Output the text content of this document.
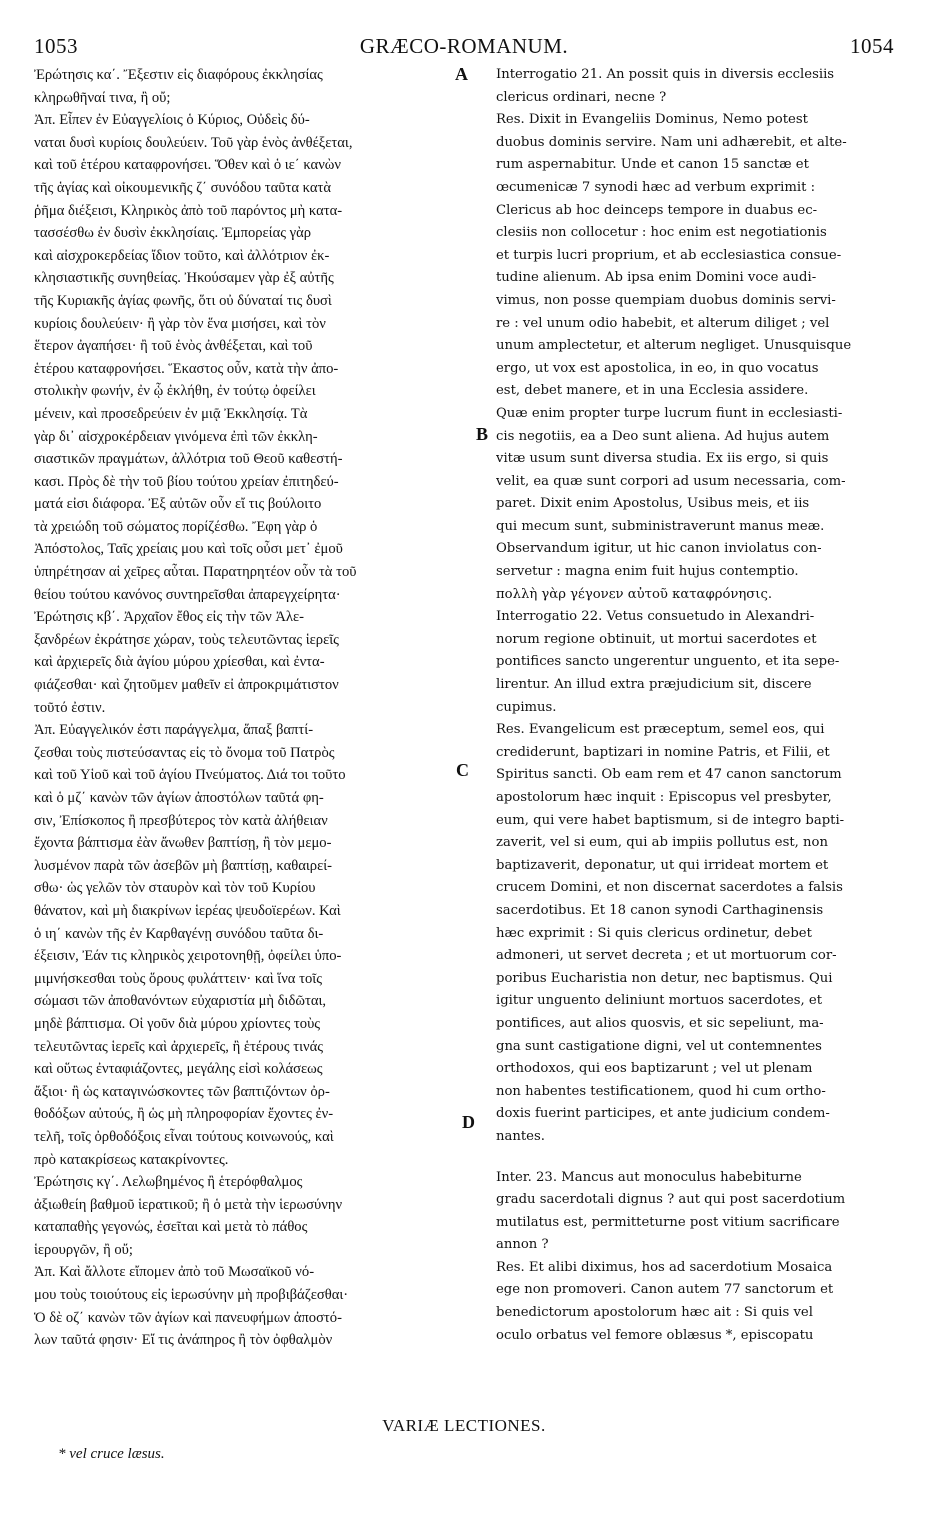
1053	GRÆCO-ROMANUM.	1054
Ἐρώτησις κα΄. Ἔξεστιν εἰς διαφόρους ἐκκλησίας
κληρωθῆναί τινα, ἢ οὔ;
Ἀπ. Εἶπεν ἐν Εὐαγγελίοις ὁ Κύριος, Οὐδεὶς δύ-
ναται δυσὶ κυρίοις δουλεύειν. Τοῦ γὰρ ἑνὸς ἀνθέξεται,
καὶ τοῦ ἑτέρου καταφρονήσει. Ὅθεν καὶ ὁ ιε΄ κανὼν
τῆς ἁγίας καὶ οἰκουμενικῆς ζ΄ συνόδου ταῦτα κατὰ
ῥῆμα διέξεισι, Κληρικὸς ἀπὸ τοῦ παρόντος μὴ κατα-
τασσέσθω ἐν δυσὶν ἐκκλησίαις. Ἐμπορείας γὰρ
καὶ αἰσχροκερδείας ἴδιον τοῦτο, καὶ ἀλλότριον ἐκ-
κλησιαστικῆς συνηθείας. Ἠκούσαμεν γὰρ ἐξ αὐτῆς
τῆς Κυριακῆς ἁγίας φωνῆς, ὅτι οὐ δύναταί τις δυσὶ
κυρίοις δουλεύειν· ἢ γὰρ τὸν ἕνα μισήσει, καὶ τὸν
ἕτερον ἀγαπήσει· ἢ τοῦ ἑνὸς ἀνθέξεται, καὶ τοῦ
ἑτέρου καταφρονήσει. Ἕκαστος οὖν, κατὰ τὴν ἀπο-
στολικὴν φωνήν, ἐν ᾧ ἐκλήθη, ἐν τούτῳ ὀφείλει
μένειν, καὶ προσεδρεύειν ἐν μιᾷ Ἐκκλησίᾳ. Τὰ
γὰρ δι᾿ αἰσχροκέρδειαν γινόμενα ἐπὶ τῶν ἐκκλη-
σιαστικῶν πραγμάτων, ἀλλότρια τοῦ Θεοῦ καθεστή-
κασι. Πρὸς δὲ τὴν τοῦ βίου τούτου χρείαν ἐπιτηδεύ-
ματά εἰσι διάφορα. Ἐξ αὐτῶν οὖν εἴ τις βούλοιτο
τὰ χρειώδη τοῦ σώματος πορίζέσθω. Ἔφη γὰρ ὁ
Ἀπόστολος, Ταῖς χρείαις μου καὶ τοῖς οὖσι μετ᾿ ἐμοῦ
ὑπηρέτησαν αἱ χεῖρες αὗται. Παρατηρητέον οὖν τὰ τοῦ
θείου τούτου κανόνος συντηρεῖσθαι ἀπαρεγχείρητα·
Ἐρώτησις κβ΄. Ἀρχαῖον ἔθος εἰς τὴν τῶν Ἀλε-
ξανδρέων ἐκράτησε χώραν, τοὺς τελευτῶντας ἱερεῖς
καὶ ἀρχιερεῖς διὰ ἁγίου μύρου χρίεσθαι, καὶ ἐντα-
φιάζεσθαι· καὶ ζητοῦμεν μαθεῖν εἰ ἀπροκριμάτιστον
τοῦτό ἐστιν.
Ἀπ. Εὐαγγελικόν ἐστι παράγγελμα, ἅπαξ βαπτί-
ζεσθαι τοὺς πιστεύσαντας εἰς τὸ ὄνομα τοῦ Πατρὸς
καὶ τοῦ Υἱοῦ καὶ τοῦ ἁγίου Πνεύματος. Διά τοι τοῦτο
καὶ ὁ μζ΄ κανὼν τῶν ἁγίων ἀποστόλων ταῦτά φη-
σιν, Ἐπίσκοπος ἢ πρεσβύτερος τὸν κατὰ ἀλήθειαν
ἔχοντα βάπτισμα ἐὰν ἄνωθεν βαπτίσῃ, ἢ τὸν μεμο-
λυσμένον παρὰ τῶν ἀσεβῶν μὴ βαπτίσῃ, καθαιρεί-
σθω· ὡς γελῶν τὸν σταυρὸν καὶ τὸν τοῦ Κυρίου
θάνατον, καὶ μὴ διακρίνων ἱερέας ψευδοϊερέων. Καὶ
ὁ ιη΄ κανὼν τῆς ἐν Καρθαγένῃ συνόδου ταῦτα δι-
έξεισιν, Ἐάν τις κληρικὸς χειροτονηθῇ, ὀφείλει ὑπο-
μιμνήσκεσθαι τοὺς ὅρους φυλάττειν· καὶ ἵνα τοῖς
σώμασι τῶν ἀποθανόντων εὐχαριστία μὴ διδῶται,
μηδὲ βάπτισμα. Οἱ γοῦν διὰ μύρου χρίοντες τοὺς
τελευτῶντας ἱερεῖς καὶ ἀρχιερεῖς, ἢ ἑτέρους τινάς
καὶ οὕτως ἐνταφιάζοντες, μεγάλης εἰσὶ κολάσεως
ἄξιοι· ἢ ὡς καταγινώσκοντες τῶν βαπτιζόντων ὀρ-
θοδόξων αὐτούς, ἢ ὡς μὴ πληροφορίαν ἔχοντες ἐν-
τελῆ, τοῖς ὀρθοδόξοις εἶναι τούτους κοινωνούς, καὶ
πρὸ κατακρίσεως κατακρίνοντες.
Ἐρώτησις κγ΄. Λελωβημένος ἢ ἑτερόφθαλμος
ἀξιωθείη βαθμοῦ ἱερατικοῦ; ἢ ὁ μετὰ τὴν ἱερωσύνην
καταπαθὴς γεγονώς, ἐσεῖται καὶ μετὰ τὸ πάθος
ἱερουργῶν, ἢ οὔ;
Ἀπ. Καὶ ἄλλοτε εἴπομεν ἀπὸ τοῦ Μωσαϊκοῦ νό-
μου τοὺς τοιούτους εἰς ἱερωσύνην μὴ προβιβάζεσθαι·
Ὁ δὲ οζ΄ κανὼν τῶν ἁγίων καὶ πανευφήμων ἀποστό-
λων ταῦτά φησιν· Εἴ τις ἀνάπηρος ἢ τὸν ὀφθαλμὸν
Interrogatio 21. An possit quis in diversis ecclesiis
clericus ordinari, necne ?
Res. Dixit in Evangeliis Dominus, Nemo potest
duobus dominis servire. Nam uni adhærebit, et alte-
rum aspernabitur. Unde et canon 15 sanctæ et
œcumenicæ 7 synodi hæc ad verbum exprimit :
Clericus ab hoc deinceps tempore in duabus ec-
clesiis non collocetur : hoc enim est negotiationis
et turpis lucri proprium, et ab ecclesiastica consue-
tudine alienum. Ab ipsa enim Domini voce audi-
vimus, non posse quempiam duobus dominis servi-
re : vel unum odio habebit, et alterum diliget ; vel
unum amplectetur, et alterum negliget. Unusquisque
ergo, ut vox est apostolica, in eo, in quo vocatus
est, debet manere, et in una Ecclesia assidere.
Quæ enim propter turpe lucrum fiunt in ecclesiasti-
cis negotiis, ea a Deo sunt aliena. Ad hujus autem
vitæ usum sunt diversa studia. Ex iis ergo, si quis
velit, ea quæ sunt corpori ad usum necessaria, com-
paret. Dixit enim Apostolus, Usibus meis, et iis
qui mecum sunt, subministraverunt manus meæ.
Observandum igitur, ut hic canon inviolatus con-
servetur : magna enim fuit hujus contemptio.
πολλὴ γὰρ γέγονεν αὐτοῦ καταφρόνησις.
Interrogatio 22. Vetus consuetudo in Alexandri-
norum regione obtinuit, ut mortui sacerdotes et
pontifices sancto ungerentur unguento, et ita sepe-
lirentur. An illud extra præjudicium sit, discere
cupimus.
Res. Evangelicum est præceptum, semel eos, qui
crediderunt, baptizari in nomine Patris, et Filii, et
Spiritus sancti. Ob eam rem et 47 canon sanctorum
apostolorum hæc inquit : Episcopus vel presbyter,
eum, qui vere habet baptismum, si de integro bapti-
zaverit, vel si eum, qui ab impiis pollutus est, non
baptizaverit, deponatur, ut qui irrideat mortem et
crucem Domini, et non discernat sacerdotes a falsis
sacerdotibus. Et 18 canon synodi Carthaginensis
hæc exprimit : Si quis clericus ordinetur, debet
admoneri, ut servet decreta ; et ut mortuorum cor-
poribus Eucharistia non detur, nec baptismus. Qui
igitur unguento deliniunt mortuos sacerdotes, et
pontifices, aut alios quosvis, et sic sepeliunt, ma-
gna sunt castigatione digni, vel ut contemnentes
orthodoxos, qui eos baptizarunt ; vel ut plenam
non habentes testificationem, quod hi cum ortho-
doxis fuerint participes, et ante judicium condem-
nantes.
Inter. 23. Mancus aut monoculus habebiturne
gradu sacerdotali dignus ? aut qui post sacerdotium
mutilatus est, permitteturne post vitium sacrificare
annon ?
Res. Et alibi diximus, hos ad sacerdotium Mosaica
ege non promoveri. Canon autem 77 sanctorum et
benedictorum apostolorum hæc ait : Si quis vel
oculo orbatus vel femore oblæsus *, episcopatu
A
B
C
D
VARIÆ LECTIONES.
* vel cruce læsus.
